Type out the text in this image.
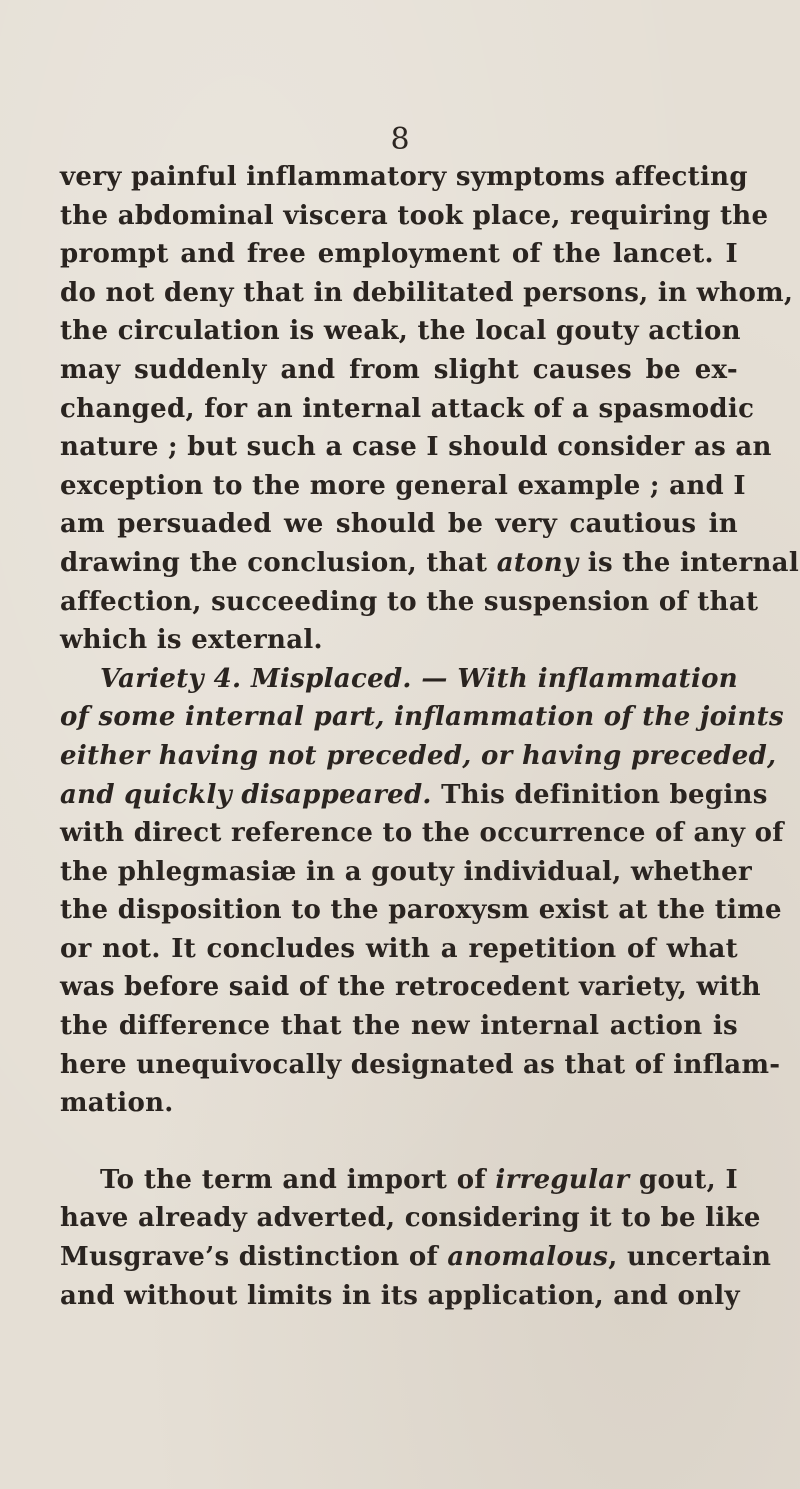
8
very painful inflammatory symptoms affecting
the abdominal viscera took place, requiring the
prompt and free employment of the lancet. I
do not deny that in debilitated persons, in whom,
the circulation is weak, the local gouty action
may suddenly and from slight causes be ex-
changed, for an internal attack of a spasmodic
nature ; but such a case I should consider as an
exception to the more general example ; and I
am persuaded we should be very cautious in
drawing the conclusion, that atony is the internal
affection, succeeding to the suspension of that
which is external.
Variety 4. Misplaced. — With inflammation
of some internal part, inflammation of the joints
either having not preceded, or having preceded,
and quickly disappeared. This definition begins
with direct reference to the occurrence of any of
the phlegmasiæ in a gouty individual, whether
the disposition to the paroxysm exist at the time
or not. It concludes with a repetition of what
was before said of the retrocedent variety, with
the difference that the new internal action is
here unequivocally designated as that of inflam-
mation.
To the term and import of irregular gout, I
have already adverted, considering it to be like
Musgrave’s distinction of anomalous, uncertain
and without limits in its application, and only
